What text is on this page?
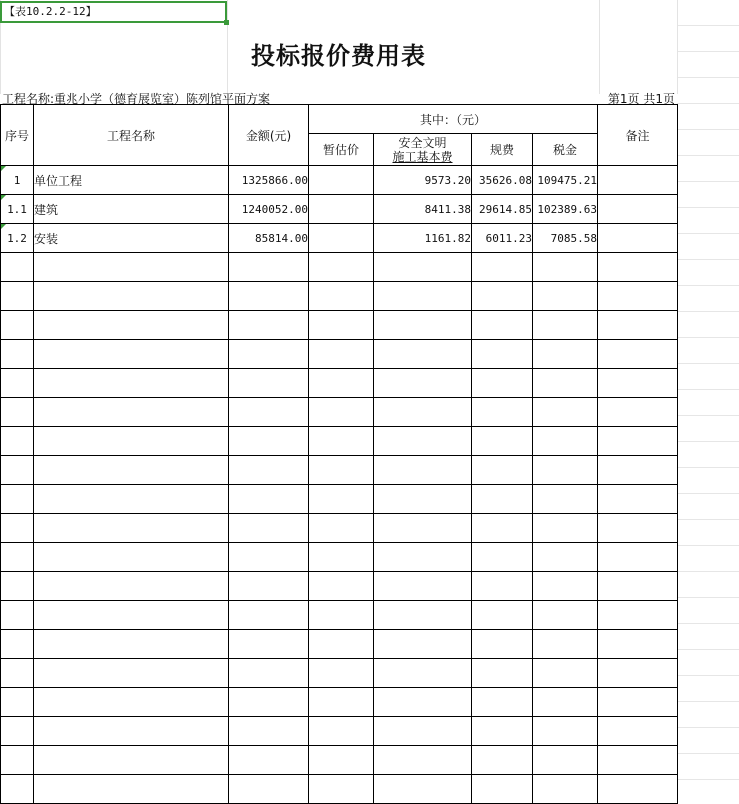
【表10.2.2-12】
投标报价费用表
工程名称:重兆小学（德育展览室）陈列馆平面方案	第1页 共1页
序号	工程名称	金额(元)	其中：（元）				备注
			暂估价	安全文明
施工基本费	规费	税金	
1	单位工程	1325866.00		9573.20	35626.08	109475.21	
1.1	建筑	1240052.00		8411.38	29614.85	102389.63	
1.2	安装	85814.00		1161.82	6011.23	7085.58	
